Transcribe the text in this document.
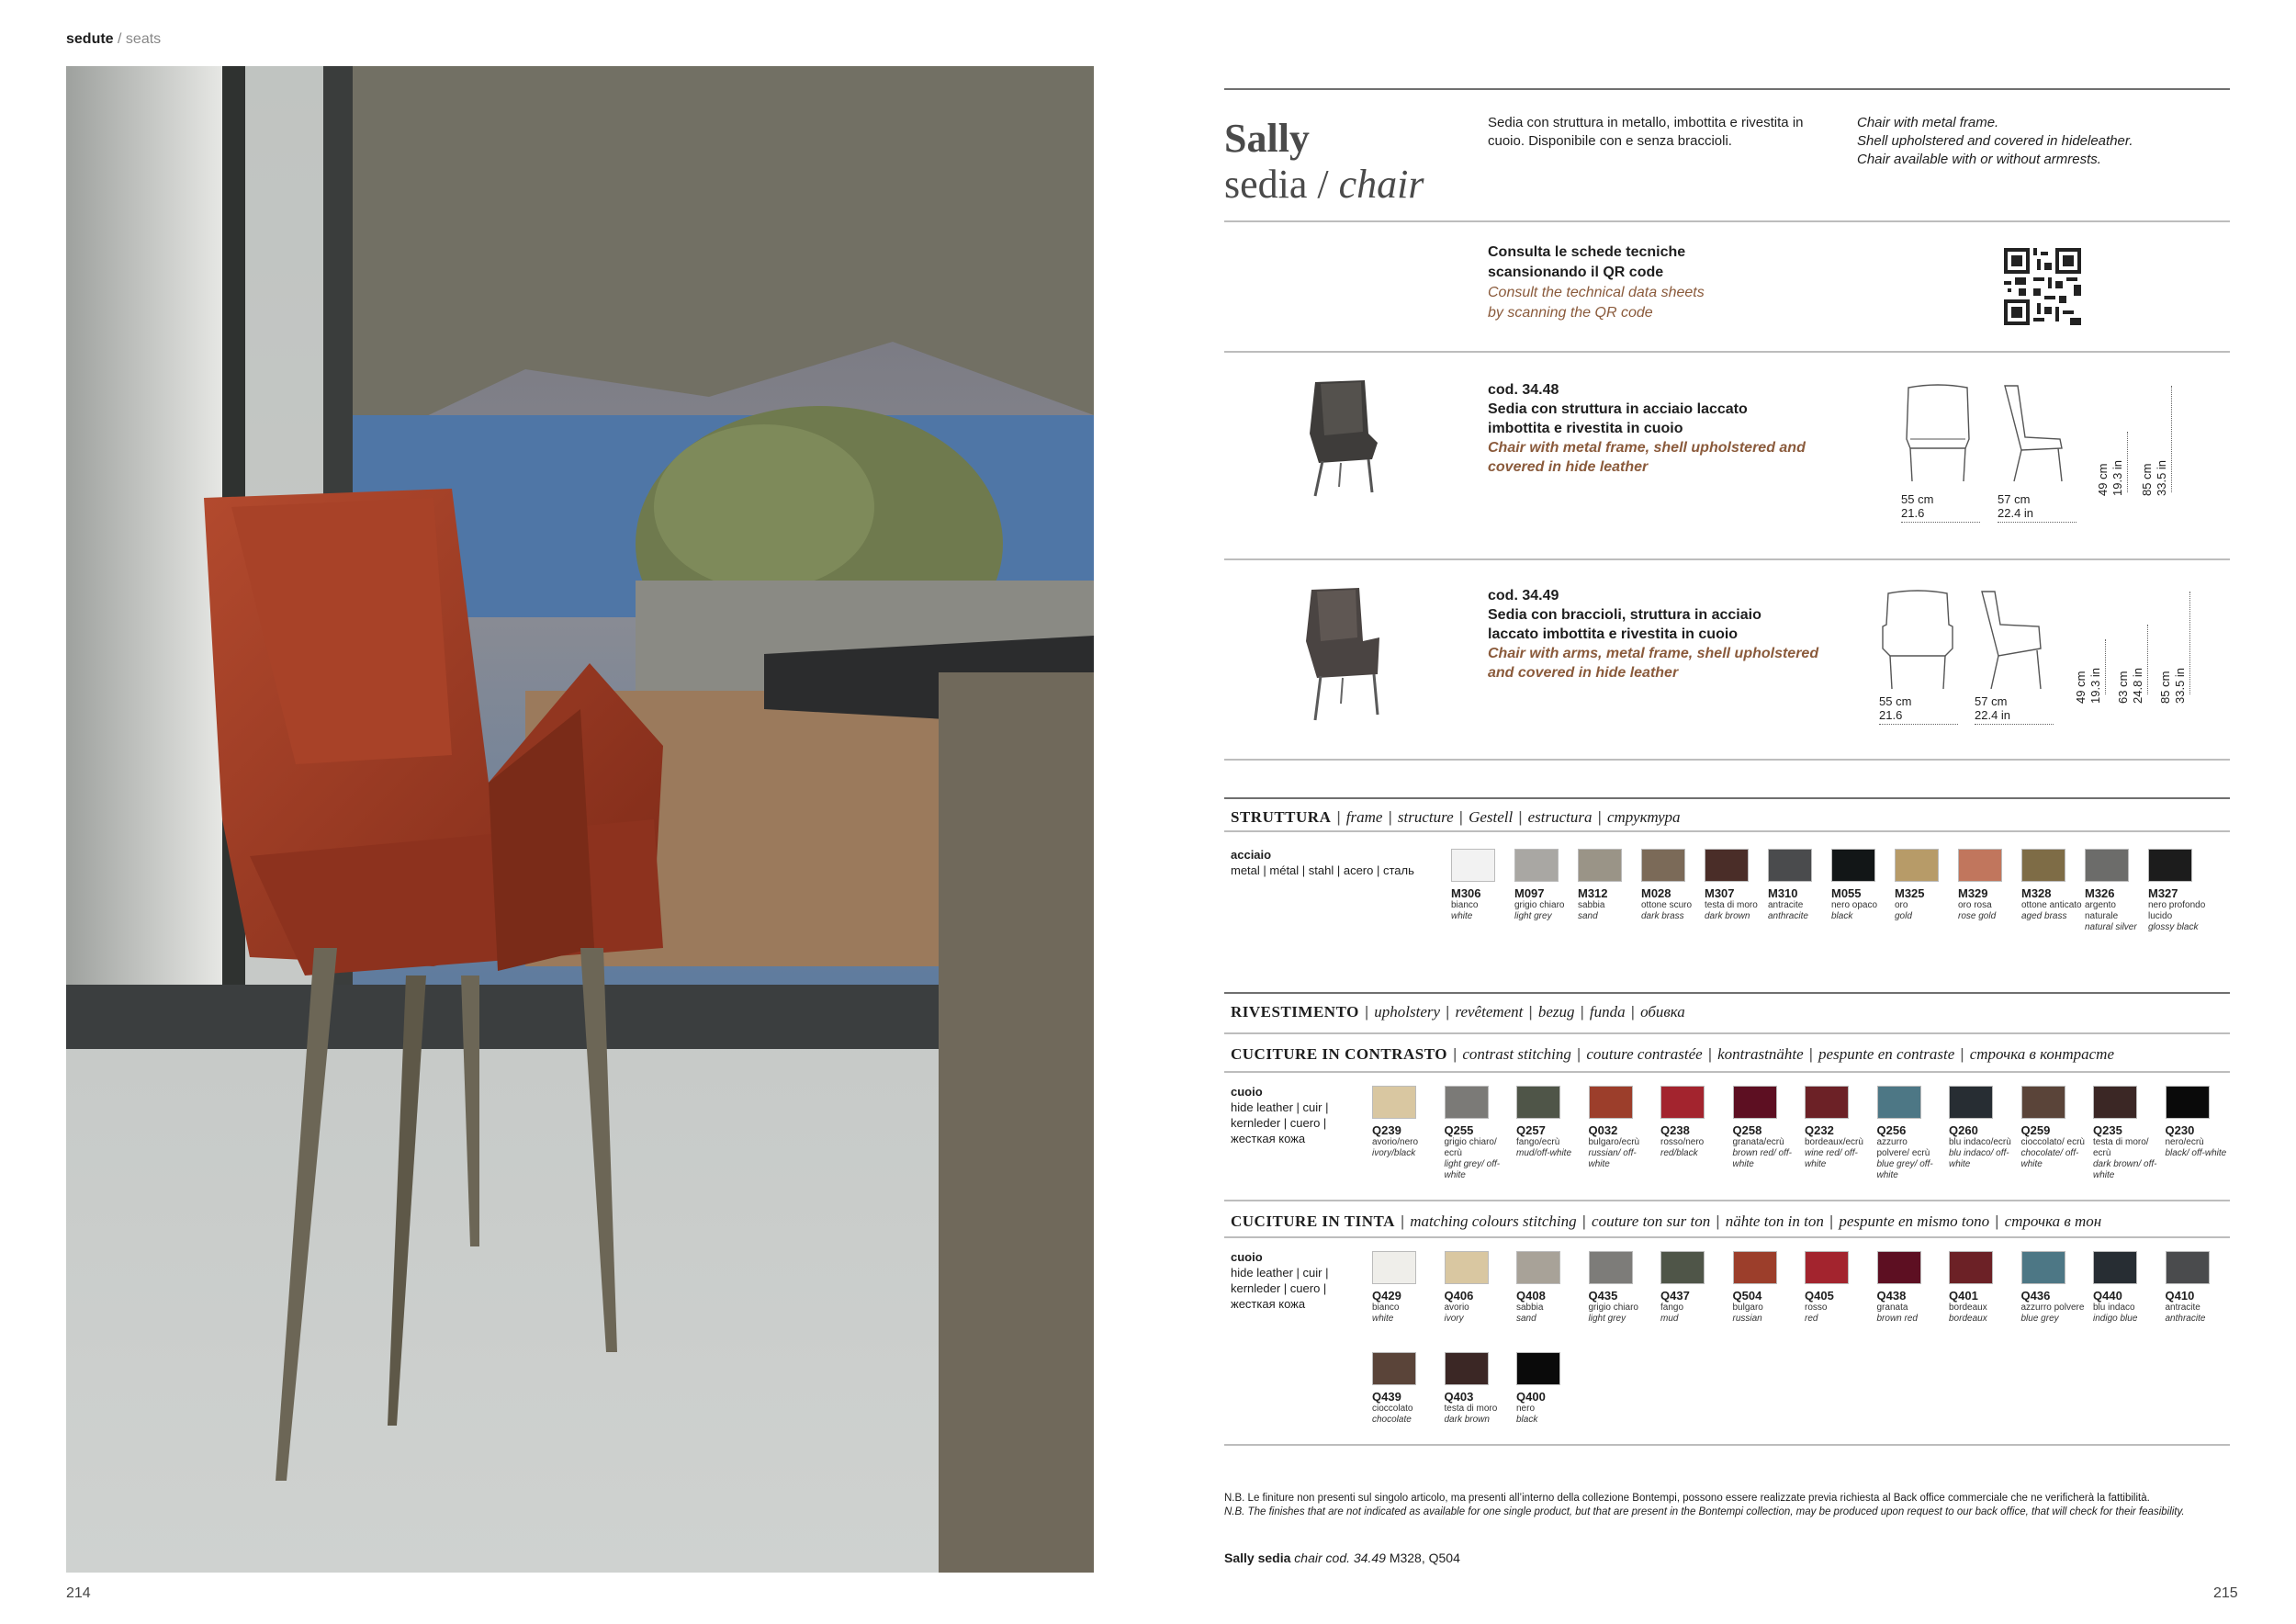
sedute / seats
214	215
Sally
sedia / chair
Sedia con struttura in metallo, imbottita e rivestita in cuoio. Disponibile con e senza braccioli.
Chair with metal frame.
Shell upholstered and covered in hideleather.
Chair available with or without armrests.
Consulta le schede tecniche
scansionando il QR code
Consult the technical data sheets
by scanning the QR code
cod. 34.48
Sedia con struttura in acciaio laccato
imbottita e rivestita in cuoio
Chair with metal frame, shell upholstered and
covered in hide leather
55 cm
21.6
57 cm
22.4 in
49 cm 19.3 in 85 cm 33.5 in
cod. 34.49
Sedia con braccioli, struttura in acciaio
laccato imbottita e rivestita in cuoio
Chair with arms, metal frame, shell upholstered
and covered in hide leather
55 cm
21.6
57 cm
22.4 in
49 cm 19.3 in 63 cm 24.8 in 85 cm 33.5 in
STRUTTURA | frame | structure | Gestell | estructura | структура
acciaio
metal | métal | stahl | acero | сталь
M306
bianco
white
M097
grigio chiaro
light grey
M312
sabbia
sand
M028
ottone scuro
dark brass
M307
testa di moro
dark brown
M310
antracite
anthracite
M055
nero opaco
black
M325
oro
gold
M329
oro rosa
rose gold
M328
ottone anticato
aged brass
M326
argento naturale
natural silver
M327
nero profondo lucido
glossy black
RIVESTIMENTO | upholstery | revêtement | bezug | funda | обивка
CUCITURE IN CONTRASTO | contrast stitching | couture contrastée | kontrastnähte | pespunte en contraste | строчка в контрасте
cuoio
hide leather | cuir |
kernleder | cuero |
жесткая кожа
Q239
avorio/nero
ivory/black
Q255
grigio chiaro/ ecrù
light grey/ off-white
Q257
fango/ecrù
mud/off-white
Q032
bulgaro/ecrù
russian/ off-white
Q238
rosso/nero
red/black
Q258
granata/ecrù
brown red/ off-white
Q232
bordeaux/ecrù
wine red/ off-white
Q256
azzurro polvere/ ecrù
blue grey/ off-white
Q260
blu indaco/ecrù
blu indaco/ off-white
Q259
cioccolato/ ecrù
chocolate/ off-white
Q235
testa di moro/ ecrù
dark brown/ off-white
Q230
nero/ecrù
black/ off-white
CUCITURE IN TINTA | matching colours stitching | couture ton sur ton | nähte ton in ton | pespunte en mismo tono | строчка в тон
cuoio
hide leather | cuir |
kernleder | cuero |
жесткая кожа
Q429
bianco
white
Q406
avorio
ivory
Q408
sabbia
sand
Q435
grigio chiaro
light grey
Q437
fango
mud
Q504
bulgaro
russian
Q405
rosso
red
Q438
granata
brown red
Q401
bordeaux
bordeaux
Q436
azzurro polvere
blue grey
Q440
blu indaco
indigo blue
Q410
antracite
anthracite
Q439
cioccolato
chocolate
Q403
testa di moro
dark brown
Q400
nero
black
N.B. Le finiture non presenti sul singolo articolo, ma presenti all’interno della collezione Bontempi, possono essere realizzate previa richiesta al Back office commerciale che ne verificherà la fattibilità.
N.B. The finishes that are not indicated as available for one single product, but that are present in the Bontempi collection, may be produced upon request to our back office, that will check for their feasibility.
Sally sedia chair cod. 34.49 M328, Q504
